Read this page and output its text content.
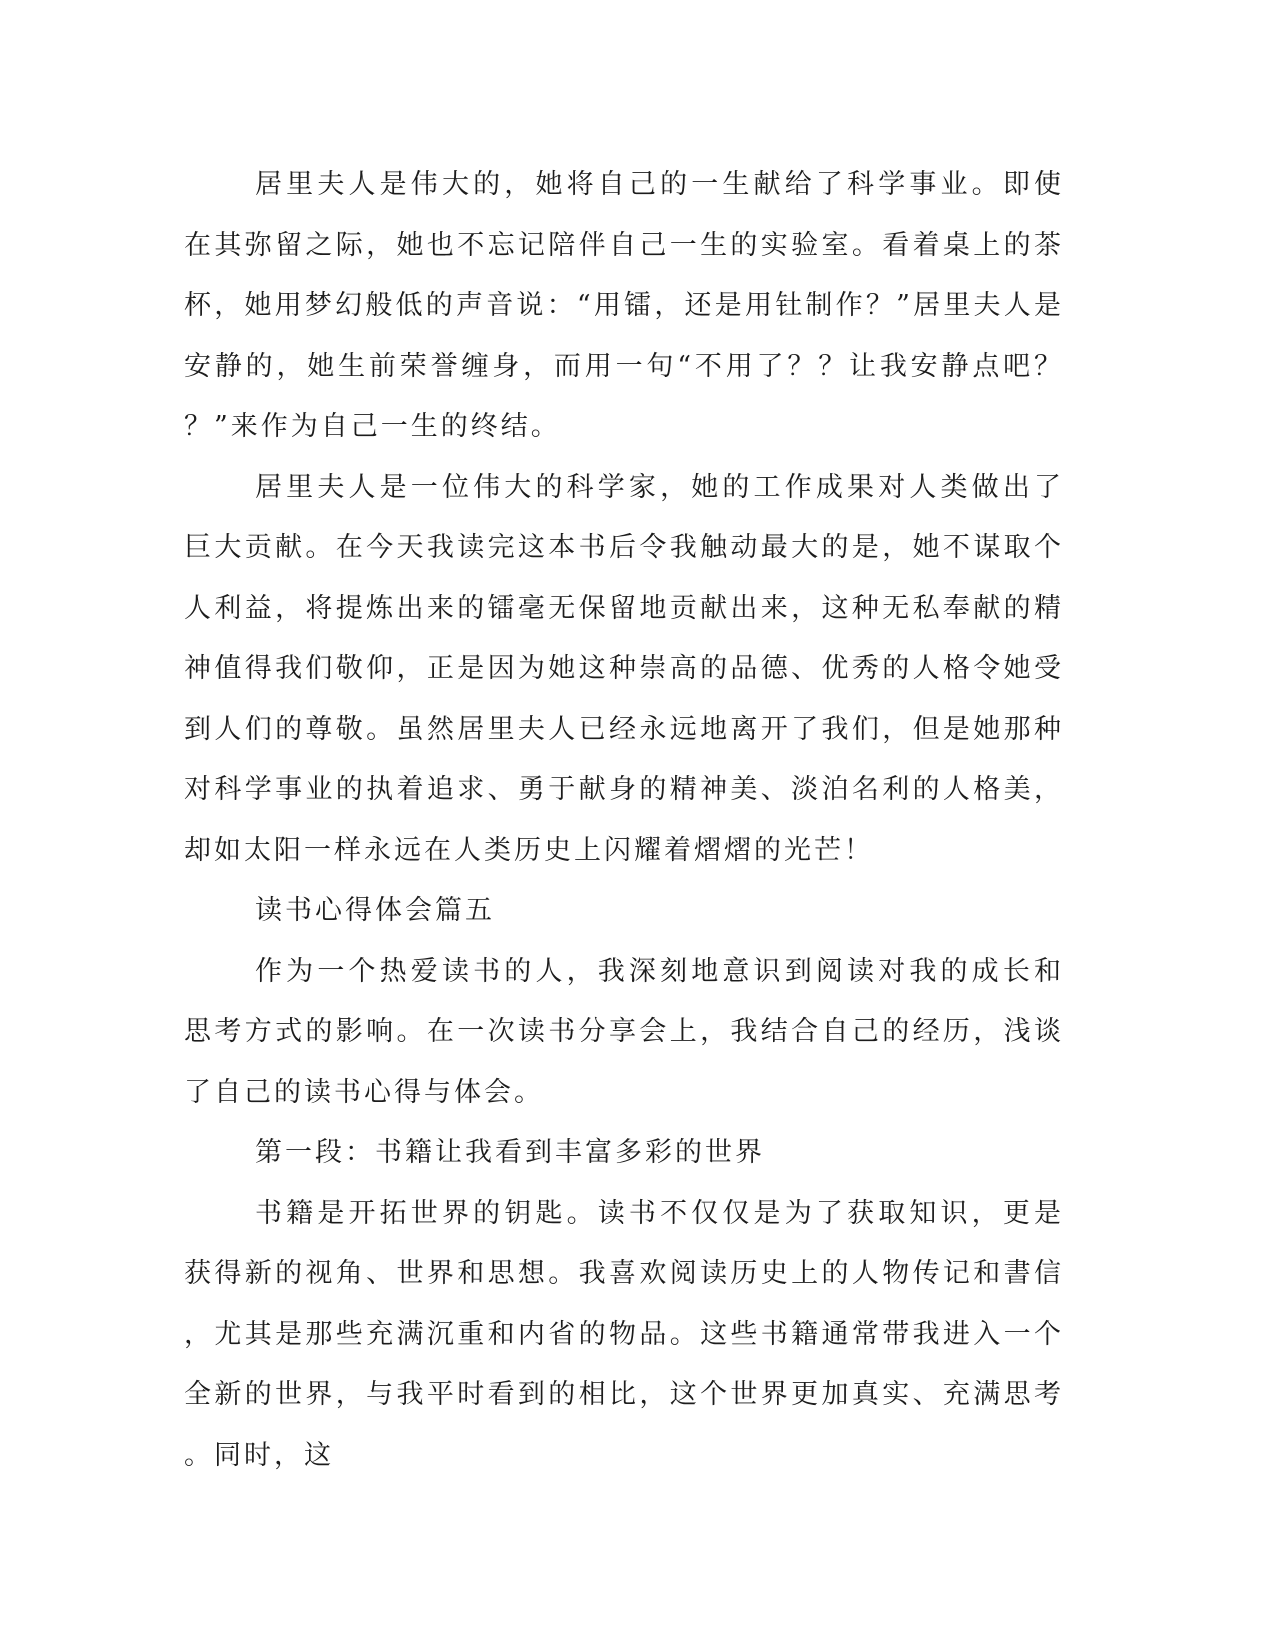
居里夫人是伟大的，她将自己的一生献给了科学事业。即使在其弥留之际，她也不忘记陪伴自己一生的实验室。看着桌上的茶杯，她用梦幻般低的声音说：“用镭，还是用钍制作？”居里夫人是安静的，她生前荣誉缠身，而用一句“不用了？？让我安静点吧？？”来作为自己一生的终结。

居里夫人是一位伟大的科学家，她的工作成果对人类做出了巨大贡献。在今天我读完这本书后令我触动最大的是，她不谋取个人利益，将提炼出来的镭毫无保留地贡献出来，这种无私奉献的精神值得我们敬仰，正是因为她这种崇高的品德、优秀的人格令她受到人们的尊敬。虽然居里夫人已经永远地离开了我们，但是她那种对科学事业的执着追求、勇于献身的精神美、淡泊名利的人格美，却如太阳一样永远在人类历史上闪耀着熠熠的光芒！

读书心得体会篇五

作为一个热爱读书的人，我深刻地意识到阅读对我的成长和思考方式的影响。在一次读书分享会上，我结合自己的经历，浅谈了自己的读书心得与体会。

第一段：书籍让我看到丰富多彩的世界

书籍是开拓世界的钥匙。读书不仅仅是为了获取知识，更是获得新的视角、世界和思想。我喜欢阅读历史上的人物传记和書信，尤其是那些充满沉重和内省的物品。这些书籍通常带我进入一个全新的世界，与我平时看到的相比，这个世界更加真实、充满思考。同时，这
